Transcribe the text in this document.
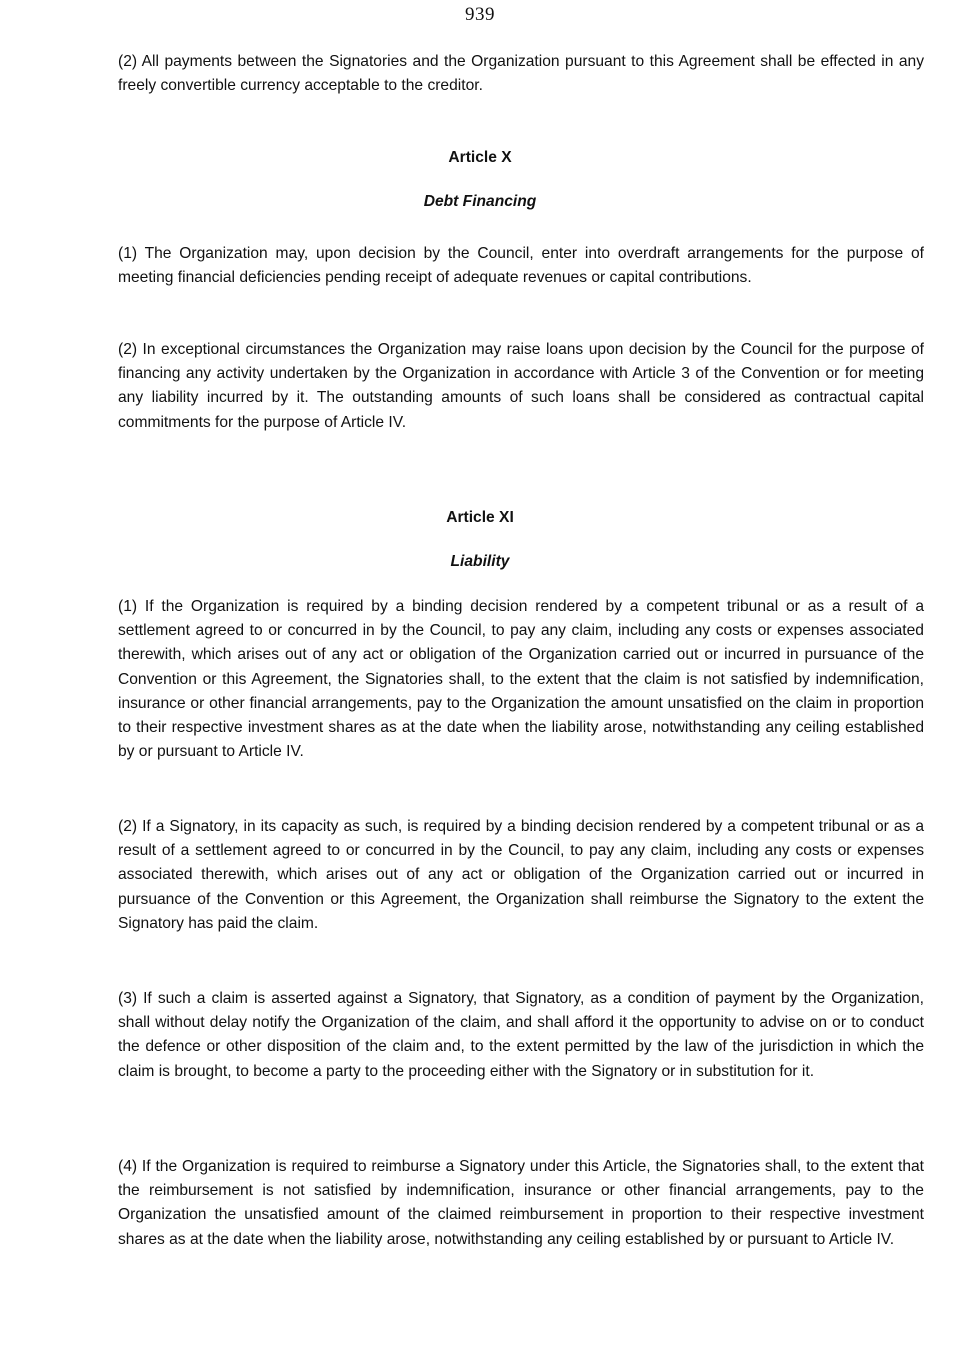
939

(2) All payments between the Signatories and the Organization pursuant to this Agreement shall be effected in any freely convertible currency acceptable to the creditor.

Article X

Debt Financing

(1) The Organization may, upon decision by the Council, enter into overdraft arrangements for the purpose of meeting financial deficiencies pending receipt of adequate revenues or capital contributions.

(2) In exceptional circumstances the Organization may raise loans upon decision by the Council for the purpose of financing any activity undertaken by the Organization in accordance with Article 3 of the Convention or for meeting any liability incurred by it. The outstanding amounts of such loans shall be considered as contractual capital commitments for the purpose of Article IV.

Article XI

Liability

(1) If the Organization is required by a binding decision rendered by a competent tribunal or as a result of a settlement agreed to or concurred in by the Council, to pay any claim, including any costs or expenses associated therewith, which arises out of any act or obligation of the Organization carried out or incurred in pursuance of the Convention or this Agreement, the Signatories shall, to the extent that the claim is not satisfied by indemnification, insurance or other financial arrangements, pay to the Organization the amount unsatisfied on the claim in proportion to their respective investment shares as at the date when the liability arose, notwithstanding any ceiling established by or pursuant to Article IV.

(2) If a Signatory, in its capacity as such, is required by a binding decision rendered by a competent tribunal or as a result of a settlement agreed to or concurred in by the Council, to pay any claim, including any costs or expenses associated therewith, which arises out of any act or obligation of the Organization carried out or incurred in pursuance of the Convention or this Agreement, the Organization shall reimburse the Signatory to the extent the Signatory has paid the claim.

(3) If such a claim is asserted against a Signatory, that Signatory, as a condition of payment by the Organization, shall without delay notify the Organization of the claim, and shall afford it the opportunity to advise on or to conduct the defence or other disposition of the claim and, to the extent permitted by the law of the jurisdiction in which the claim is brought, to become a party to the proceeding either with the Signatory or in substitution for it.

(4) If the Organization is required to reimburse a Signatory under this Article, the Signatories shall, to the extent that the reimbursement is not satisfied by indemnification, insurance or other financial arrangements, pay to the Organization the unsatisfied amount of the claimed reimbursement in proportion to their respective investment shares as at the date when the liability arose, notwithstanding any ceiling established by or pursuant to Article IV.
